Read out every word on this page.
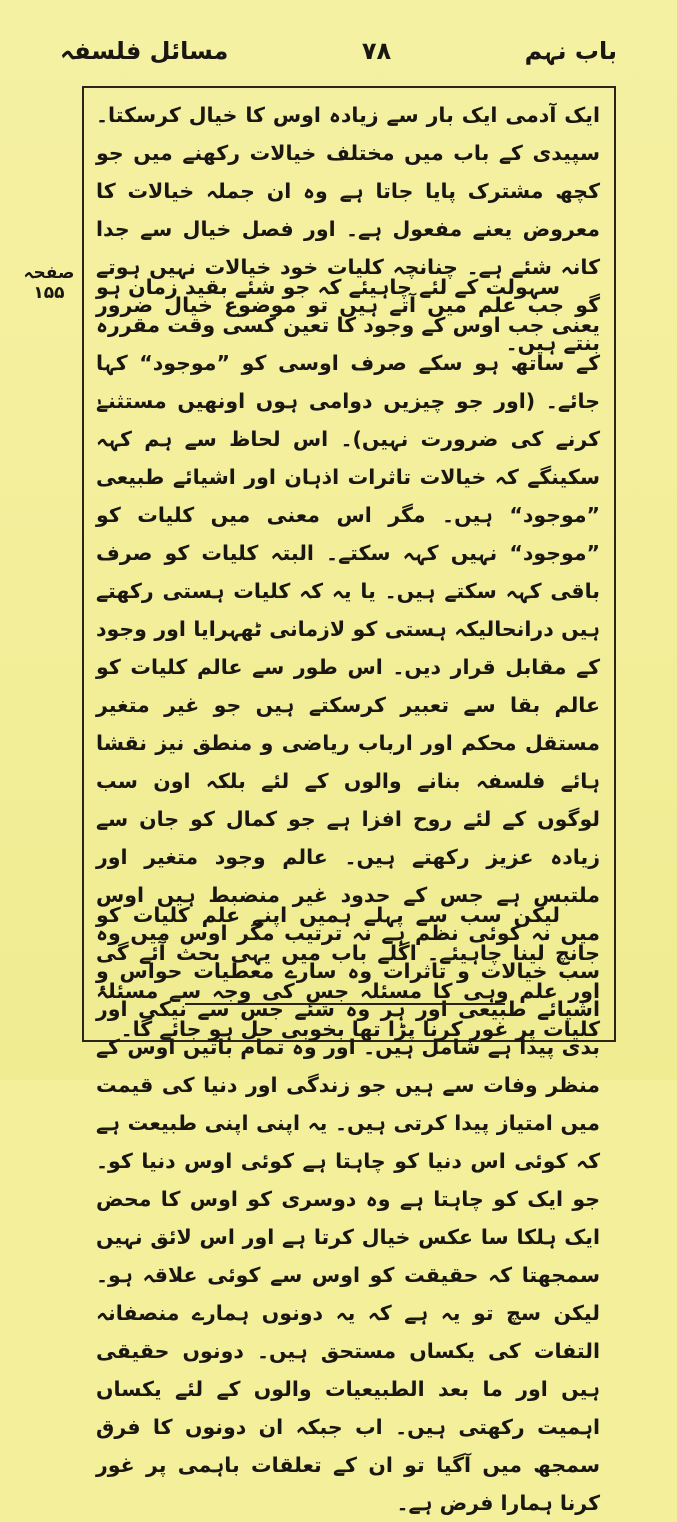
مسائل فلسفہ	۷۸	باب نہم
صفحہ ۱۵۵

ایک آدمی ایک بار سے زیادہ اوس کا خیال کرسکتا۔ سپیدی کے باب میں مختلف خیالات رکھنے میں جو کچھ مشترک پایا جاتا ہے وہ ان جملہ خیالات کا معروض یعنے مفعول ہے۔ اور فصل خیال سے جدا کانہ شئے ہے۔ چنانچہ کلیات خود خیالات نہیں ہوتے گو جب علم میں آتے ہیں تو موضوع خیال ضرور بنتے ہیں۔

سہولت کے لئے چاہیئے کہ جو شئے بقید زمان ہو یعنی جب اوس کے وجود کا تعین کسی وقت مقررہ کے ساتھ ہو سکے صرف اوسی کو ”موجود“ کہا جائے۔ (اور جو چیزیں دوامی ہوں اونھیں مستثنےٰ کرنے کی ضرورت نہیں)۔ اس لحاظ سے ہم کہہ سکینگے کہ خیالات تاثرات اذہان اور اشیائے طبیعی ”موجود“ ہیں۔ مگر اس معنی میں کلیات کو ”موجود“ نہیں کہہ سکتے۔ البتہ کلیات کو صرف باقی کہہ سکتے ہیں۔ یا یہ کہ کلیات ہستی رکھتے ہیں درانحالیکہ ہستی کو لازمانی ٹھہرایا اور وجود کے مقابل قرار دیں۔ اس طور سے عالم کلیات کو عالم بقا سے تعبیر کرسکتے ہیں جو غیر متغیر مستقل محکم اور ارباب ریاضی و منطق نیز نقشا ہائے فلسفہ بنانے والوں کے لئے بلکہ اون سب لوگوں کے لئے روح افزا ہے جو کمال کو جان سے زیادہ عزیز رکھتے ہیں۔ عالم وجود متغیر اور ملتبس ہے جس کے حدود غیر منضبط ہیں اوس میں نہ کوئی نظم ہے نہ ترتیب مگر اوس میں وہ سب خیالات و تاثرات وہ سارے معطیات حواس و اشیائے طبیعی اور ہر وہ شئے جس سے نیکی اور بدی پیدا ہے شامل ہیں۔ اور وہ تمام باتیں اوس کے منظر وفات سے ہیں جو زندگی اور دنیا کی قیمت میں امتیاز پیدا کرتی ہیں۔ یہ اپنی اپنی طبیعت ہے کہ کوئی اس دنیا کو چاہتا ہے کوئی اوس دنیا کو۔ جو ایک کو چاہتا ہے وہ دوسری کو اوس کا محض ایک ہلکا سا عکس خیال کرتا ہے اور اس لائق نہیں سمجھتا کہ حقیقت کو اوس سے کوئی علاقہ ہو۔ لیکن سچ تو یہ ہے کہ یہ دونوں ہمارے منصفانہ التفات کی یکساں مستحق ہیں۔ دونوں حقیقی ہیں اور ما بعد الطبیعیات والوں کے لئے یکساں اہمیت رکھتی ہیں۔ اب جبکہ ان دونوں کا فرق سمجھ میں آگیا تو ان کے تعلقات باہمی پر غور کرنا ہمارا فرض ہے۔

لیکن سب سے پہلے ہمیں اپنے علم کلیات کو جانچ لینا چاہیئے۔ اگلے باب میں یہی بحث آئے گی اور علم وہی کا مسئلہ جس کی وجہ سے مسئلۂ کلیات پر غور کرنا پڑا تھا بخوبی حل ہو جائے گا۔
